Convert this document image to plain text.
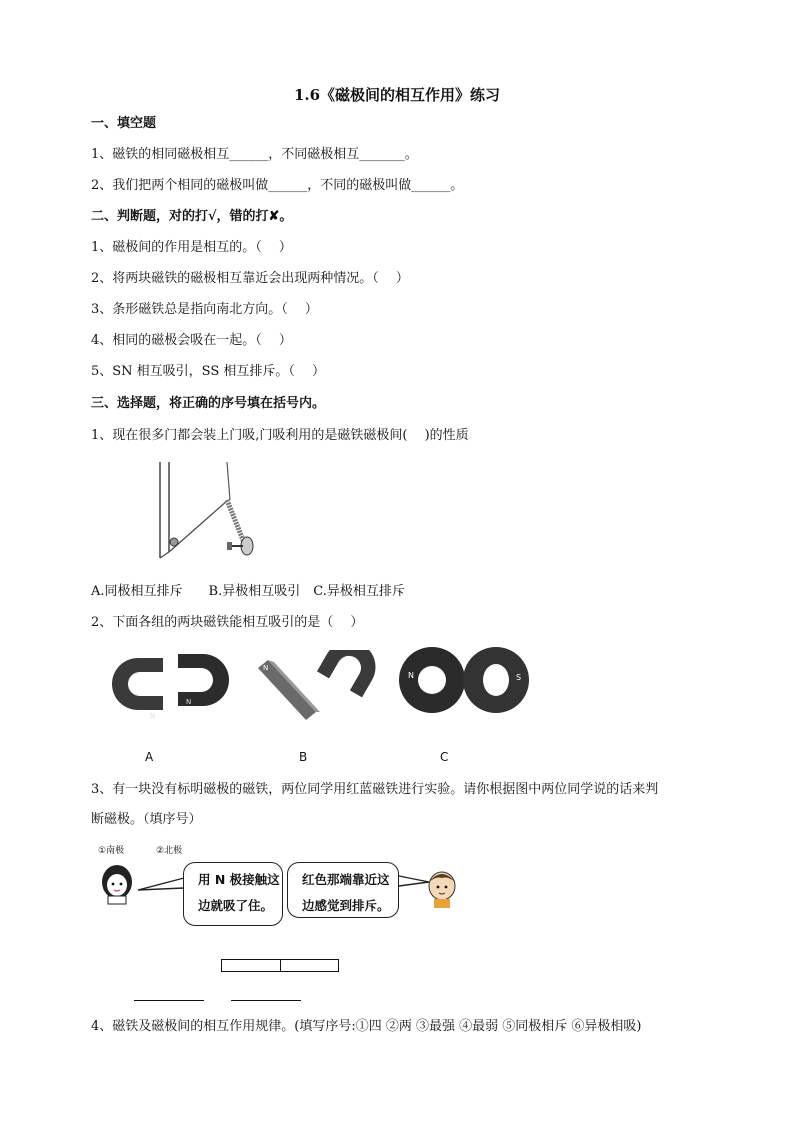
1.6《磁极间的相互作用》练习
一、填空题
1、磁铁的相同磁极相互______，不同磁极相互_______。
2、我们把两个相同的磁极叫做______，不同的磁极叫做______。
二、判断题，对的打√，错的打✘。
1、磁极间的作用是相互的。（　 ）
2、将两块磁铁的磁极相互靠近会出现两种情况。（　 ）
3、条形磁铁总是指向南北方向。（　 ）
4、相同的磁极会吸在一起。（　 ）
5、SN 相互吸引，SS 相互排斥。（　 ）
三、选择题，将正确的序号填在括号内。
1、现在很多门都会装上门吸,门吸利用的是磁铁磁极间(　 )的性质
A.同极相互排斥　　B.异极相互吸引　C.异极相互排斥
2、下面各组的两块磁铁能相互吸引的是（　 ）
N
N
A
N
S
N
B
N	S
C
3、有一块没有标明磁极的磁铁，两位同学用红蓝磁铁进行实验。请你根据图中两位同学说的话来判
断磁极。（填序号）
①南极	②北极
用 N 极接触这
边就吸了住。
红色那端靠近这
边感觉到排斥。
4、磁铁及磁极间的相互作用规律。(填写序号:①四 ②两 ③最强 ④最弱 ⑤同极相斥 ⑥异极相吸)
